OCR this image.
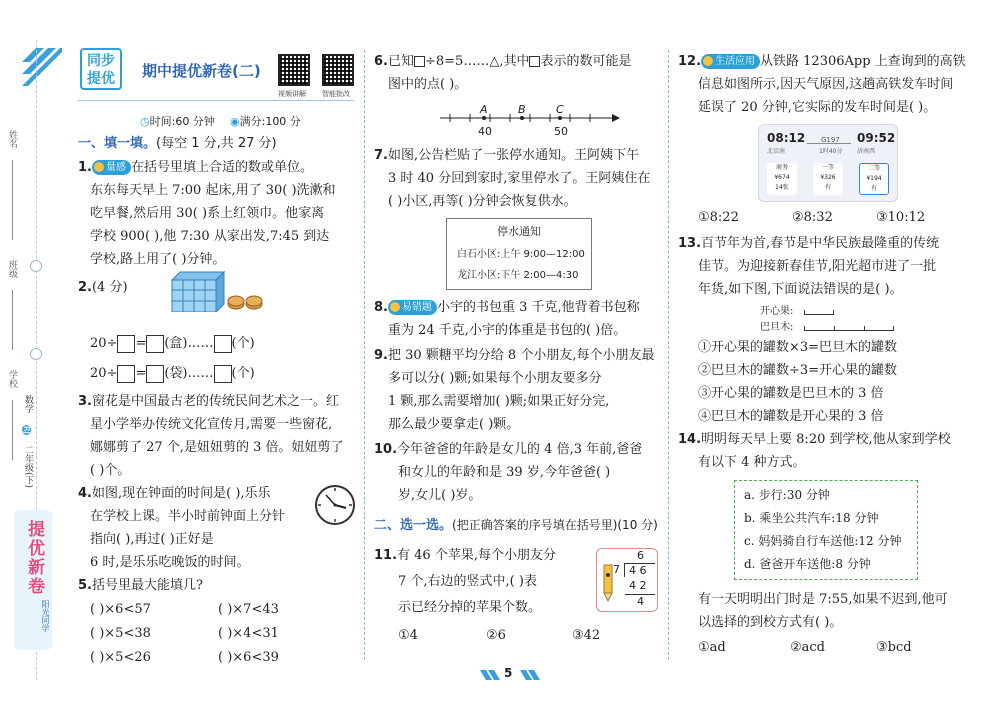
姓名
班级
学校
数学
RJ
二年级(下)
提优新卷
阳光同学
同步
提优	期中提优新卷(二)
视频讲解 智能批改
◷时间:60 分钟 ◉满分:100 分
一、填一填。(每空 1 分,共 27 分)
1. 量感 在括号里填上合适的数或单位。
东东每天早上 7:00 起床,用了 30( )洗漱和
吃早餐,然后用 30( )系上红领巾。他家离
学校 900( ),他 7:30 从家出发,7:45 到达
学校,路上用了( )分钟。
2.(4 分)
20÷ = (盒)…… (个)
20÷ = (袋)…… (个)
3.窗花是中国最古老的传统民间艺术之一。红
星小学举办传统文化宣传月,需要一些窗花,
娜娜剪了 27 个,是妞妞剪的 3 倍。妞妞剪了
( )个。
4.如图,现在钟面的时间是( ),乐乐
在学校上课。半小时前钟面上分针
指向( ),再过( )正好是
6 时,是乐乐吃晚饭的时间。
5.括号里最大能填几?
( )×6<57	( )×7<43
( )×5<38	( )×4<31
( )×5<26	( )×6<39
6.已知 ÷8=5……△,其中 表示的数可能是
图中的点( )。
A	B	C
40	50
7.如图,公告栏贴了一张停水通知。王阿姨下午
3 时 40 分回到家时,家里停水了。王阿姨住在
( )小区,再等( )分钟会恢复供水。
停水通知
白石小区:上午 9:00—12:00
龙江小区:下午 2:00—4:30
8. 易错题 小宇的书包重 3 千克,他背着书包称
重为 24 千克,小宇的体重是书包的( )倍。
9.把 30 颗糖平均分给 8 个小朋友,每个小朋友最
多可以分( )颗;如果每个小朋友要多分
1 颗,那么需要增加( )颗;如果正好分完,
那么最少要拿走( )颗。
10.今年爸爸的年龄是女儿的 4 倍,3 年前,爸爸
和女儿的年龄和是 39 岁,今年爸爸( )
岁,女儿( )岁。
二、选一选。(把正确答案的序号填在括号里)(10 分)
11.有 46 个苹果,每个小朋友分
7 个,右边的竖式中,( )表
示已经分掉的苹果个数。
①4	②6	③42
6
7 4 6
4 2
4
12. 生活应用 从铁路 12306App 上查询到的高铁
信息如图所示,因天气原因,这趟高铁发车时间
延误了 20 分钟,它实际的发车时间是( )。
08:12	09:52
G197
北京南	济南西
1时40分
商务
¥674
14张
一等
¥326
有
二等
¥194
有
①8:22	②8:32	③10:12
13.百节年为首,春节是中华民族最隆重的传统
佳节。为迎接新春佳节,阳光超市进了一批
年货,如下图,下面说法错误的是( )。
开心果:
巴旦木:
①开心果的罐数×3=巴旦木的罐数
②巴旦木的罐数÷3=开心果的罐数
③开心果的罐数是巴旦木的 3 倍
④巴旦木的罐数是开心果的 3 倍
14.明明每天早上要 8:20 到学校,他从家到学校
有以下 4 种方式。
a. 步行:30 分钟
b. 乘坐公共汽车:18 分钟
c. 妈妈骑自行车送他:12 分钟
d. 爸爸开车送他:8 分钟
有一天明明出门时是 7:55,如果不迟到,他可
以选择的到校方式有( )。
①ad	②acd	③bcd
5
